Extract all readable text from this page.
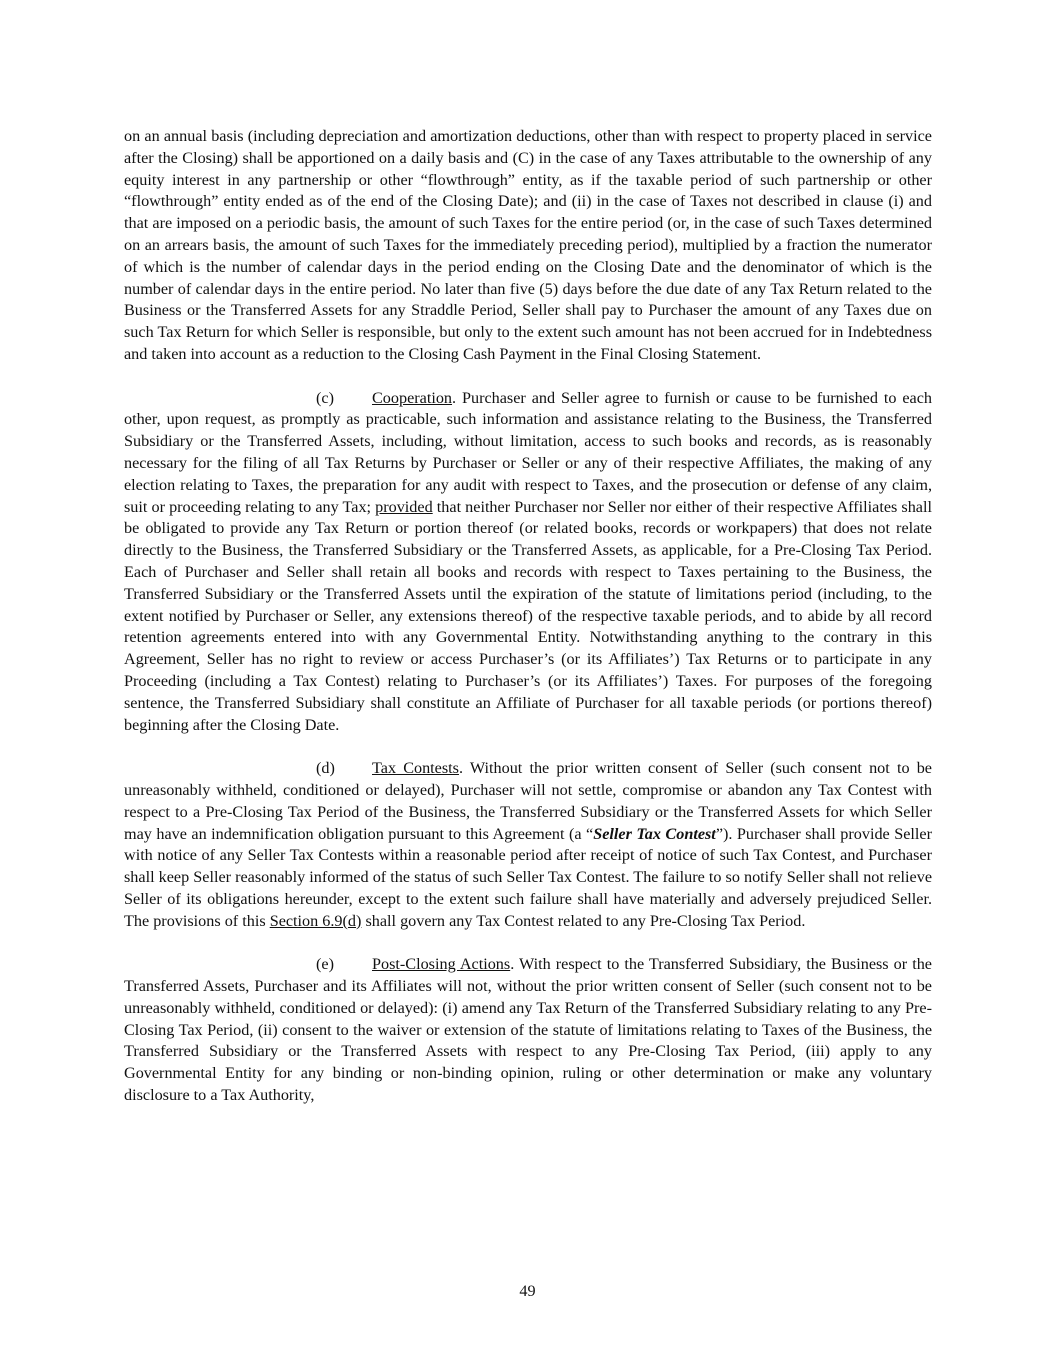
on an annual basis (including depreciation and amortization deductions, other than with respect to property placed in service after the Closing) shall be apportioned on a daily basis and (C) in the case of any Taxes attributable to the ownership of any equity interest in any partnership or other “flowthrough” entity, as if the taxable period of such partnership or other “flowthrough” entity ended as of the end of the Closing Date); and (ii) in the case of Taxes not described in clause (i) and that are imposed on a periodic basis, the amount of such Taxes for the entire period (or, in the case of such Taxes determined on an arrears basis, the amount of such Taxes for the immediately preceding period), multiplied by a fraction the numerator of which is the number of calendar days in the period ending on the Closing Date and the denominator of which is the number of calendar days in the entire period. No later than five (5) days before the due date of any Tax Return related to the Business or the Transferred Assets for any Straddle Period, Seller shall pay to Purchaser the amount of any Taxes due on such Tax Return for which Seller is responsible, but only to the extent such amount has not been accrued for in Indebtedness and taken into account as a reduction to the Closing Cash Payment in the Final Closing Statement.

(c) Cooperation. Purchaser and Seller agree to furnish or cause to be furnished to each other, upon request, as promptly as practicable, such information and assistance relating to the Business, the Transferred Subsidiary or the Transferred Assets, including, without limitation, access to such books and records, as is reasonably necessary for the filing of all Tax Returns by Purchaser or Seller or any of their respective Affiliates, the making of any election relating to Taxes, the preparation for any audit with respect to Taxes, and the prosecution or defense of any claim, suit or proceeding relating to any Tax; provided that neither Purchaser nor Seller nor either of their respective Affiliates shall be obligated to provide any Tax Return or portion thereof (or related books, records or workpapers) that does not relate directly to the Business, the Transferred Subsidiary or the Transferred Assets, as applicable, for a Pre-Closing Tax Period. Each of Purchaser and Seller shall retain all books and records with respect to Taxes pertaining to the Business, the Transferred Subsidiary or the Transferred Assets until the expiration of the statute of limitations period (including, to the extent notified by Purchaser or Seller, any extensions thereof) of the respective taxable periods, and to abide by all record retention agreements entered into with any Governmental Entity. Notwithstanding anything to the contrary in this Agreement, Seller has no right to review or access Purchaser’s (or its Affiliates’) Tax Returns or to participate in any Proceeding (including a Tax Contest) relating to Purchaser’s (or its Affiliates’) Taxes. For purposes of the foregoing sentence, the Transferred Subsidiary shall constitute an Affiliate of Purchaser for all taxable periods (or portions thereof) beginning after the Closing Date.

(d) Tax Contests. Without the prior written consent of Seller (such consent not to be unreasonably withheld, conditioned or delayed), Purchaser will not settle, compromise or abandon any Tax Contest with respect to a Pre-Closing Tax Period of the Business, the Transferred Subsidiary or the Transferred Assets for which Seller may have an indemnification obligation pursuant to this Agreement (a “Seller Tax Contest”). Purchaser shall provide Seller with notice of any Seller Tax Contests within a reasonable period after receipt of notice of such Tax Contest, and Purchaser shall keep Seller reasonably informed of the status of such Seller Tax Contest. The failure to so notify Seller shall not relieve Seller of its obligations hereunder, except to the extent such failure shall have materially and adversely prejudiced Seller. The provisions of this Section 6.9(d) shall govern any Tax Contest related to any Pre-Closing Tax Period.

(e) Post-Closing Actions. With respect to the Transferred Subsidiary, the Business or the Transferred Assets, Purchaser and its Affiliates will not, without the prior written consent of Seller (such consent not to be unreasonably withheld, conditioned or delayed): (i) amend any Tax Return of the Transferred Subsidiary relating to any Pre-Closing Tax Period, (ii) consent to the waiver or extension of the statute of limitations relating to Taxes of the Business, the Transferred Subsidiary or the Transferred Assets with respect to any Pre-Closing Tax Period, (iii) apply to any Governmental Entity for any binding or non-binding opinion, ruling or other determination or make any voluntary disclosure to a Tax Authority,

49
